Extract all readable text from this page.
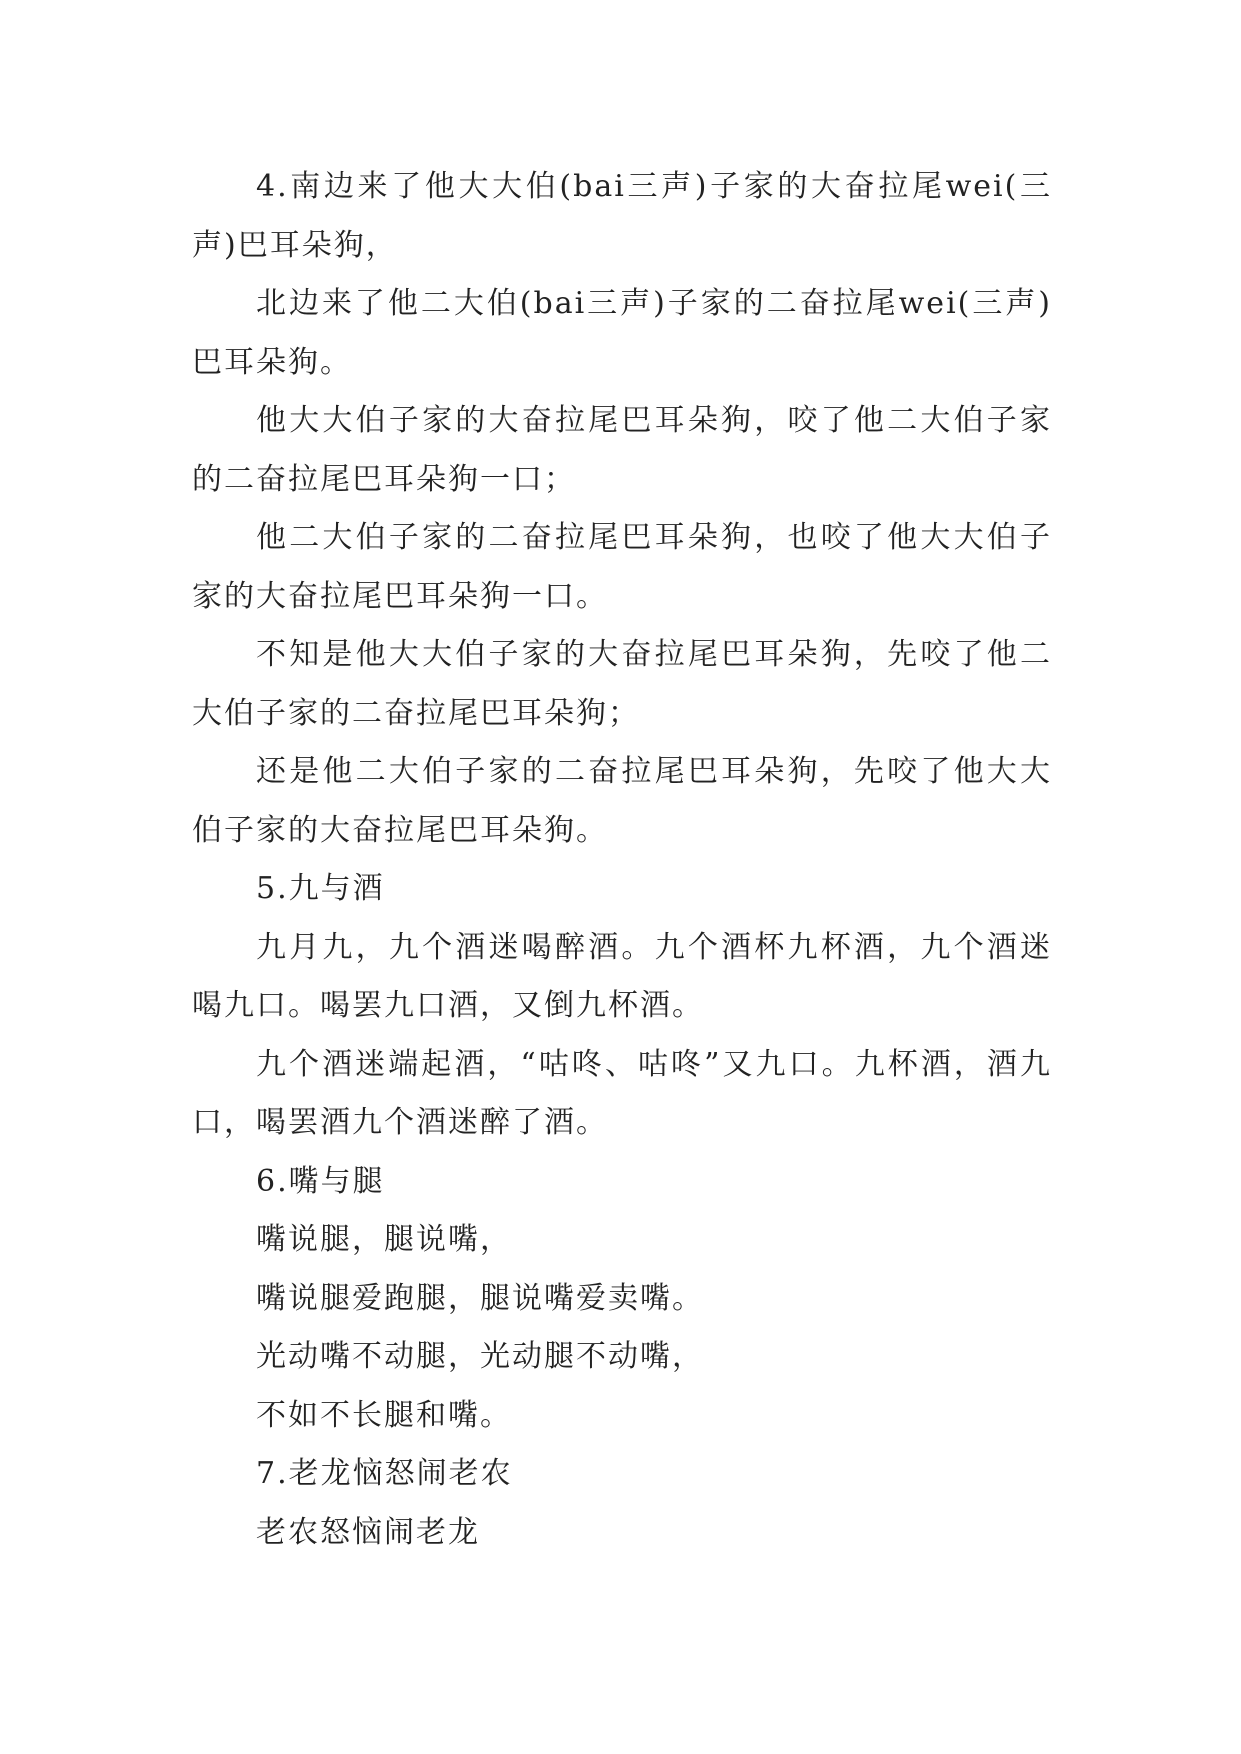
4.南边来了他大大伯(bai三声)子家的大奋拉尾wei(三声)巴耳朵狗，

北边来了他二大伯(bai三声)子家的二奋拉尾wei(三声)巴耳朵狗。

他大大伯子家的大奋拉尾巴耳朵狗，咬了他二大伯子家的二奋拉尾巴耳朵狗一口；

他二大伯子家的二奋拉尾巴耳朵狗，也咬了他大大伯子家的大奋拉尾巴耳朵狗一口。

不知是他大大伯子家的大奋拉尾巴耳朵狗，先咬了他二大伯子家的二奋拉尾巴耳朵狗；

还是他二大伯子家的二奋拉尾巴耳朵狗，先咬了他大大伯子家的大奋拉尾巴耳朵狗。

5.九与酒

九月九，九个酒迷喝醉酒。九个酒杯九杯酒，九个酒迷喝九口。喝罢九口酒，又倒九杯酒。

九个酒迷端起酒，“咕咚、咕咚”又九口。九杯酒，酒九口，喝罢酒九个酒迷醉了酒。

6.嘴与腿

嘴说腿，腿说嘴，

嘴说腿爱跑腿，腿说嘴爱卖嘴。

光动嘴不动腿，光动腿不动嘴，

不如不长腿和嘴。

7.老龙恼怒闹老农

老农怒恼闹老龙
